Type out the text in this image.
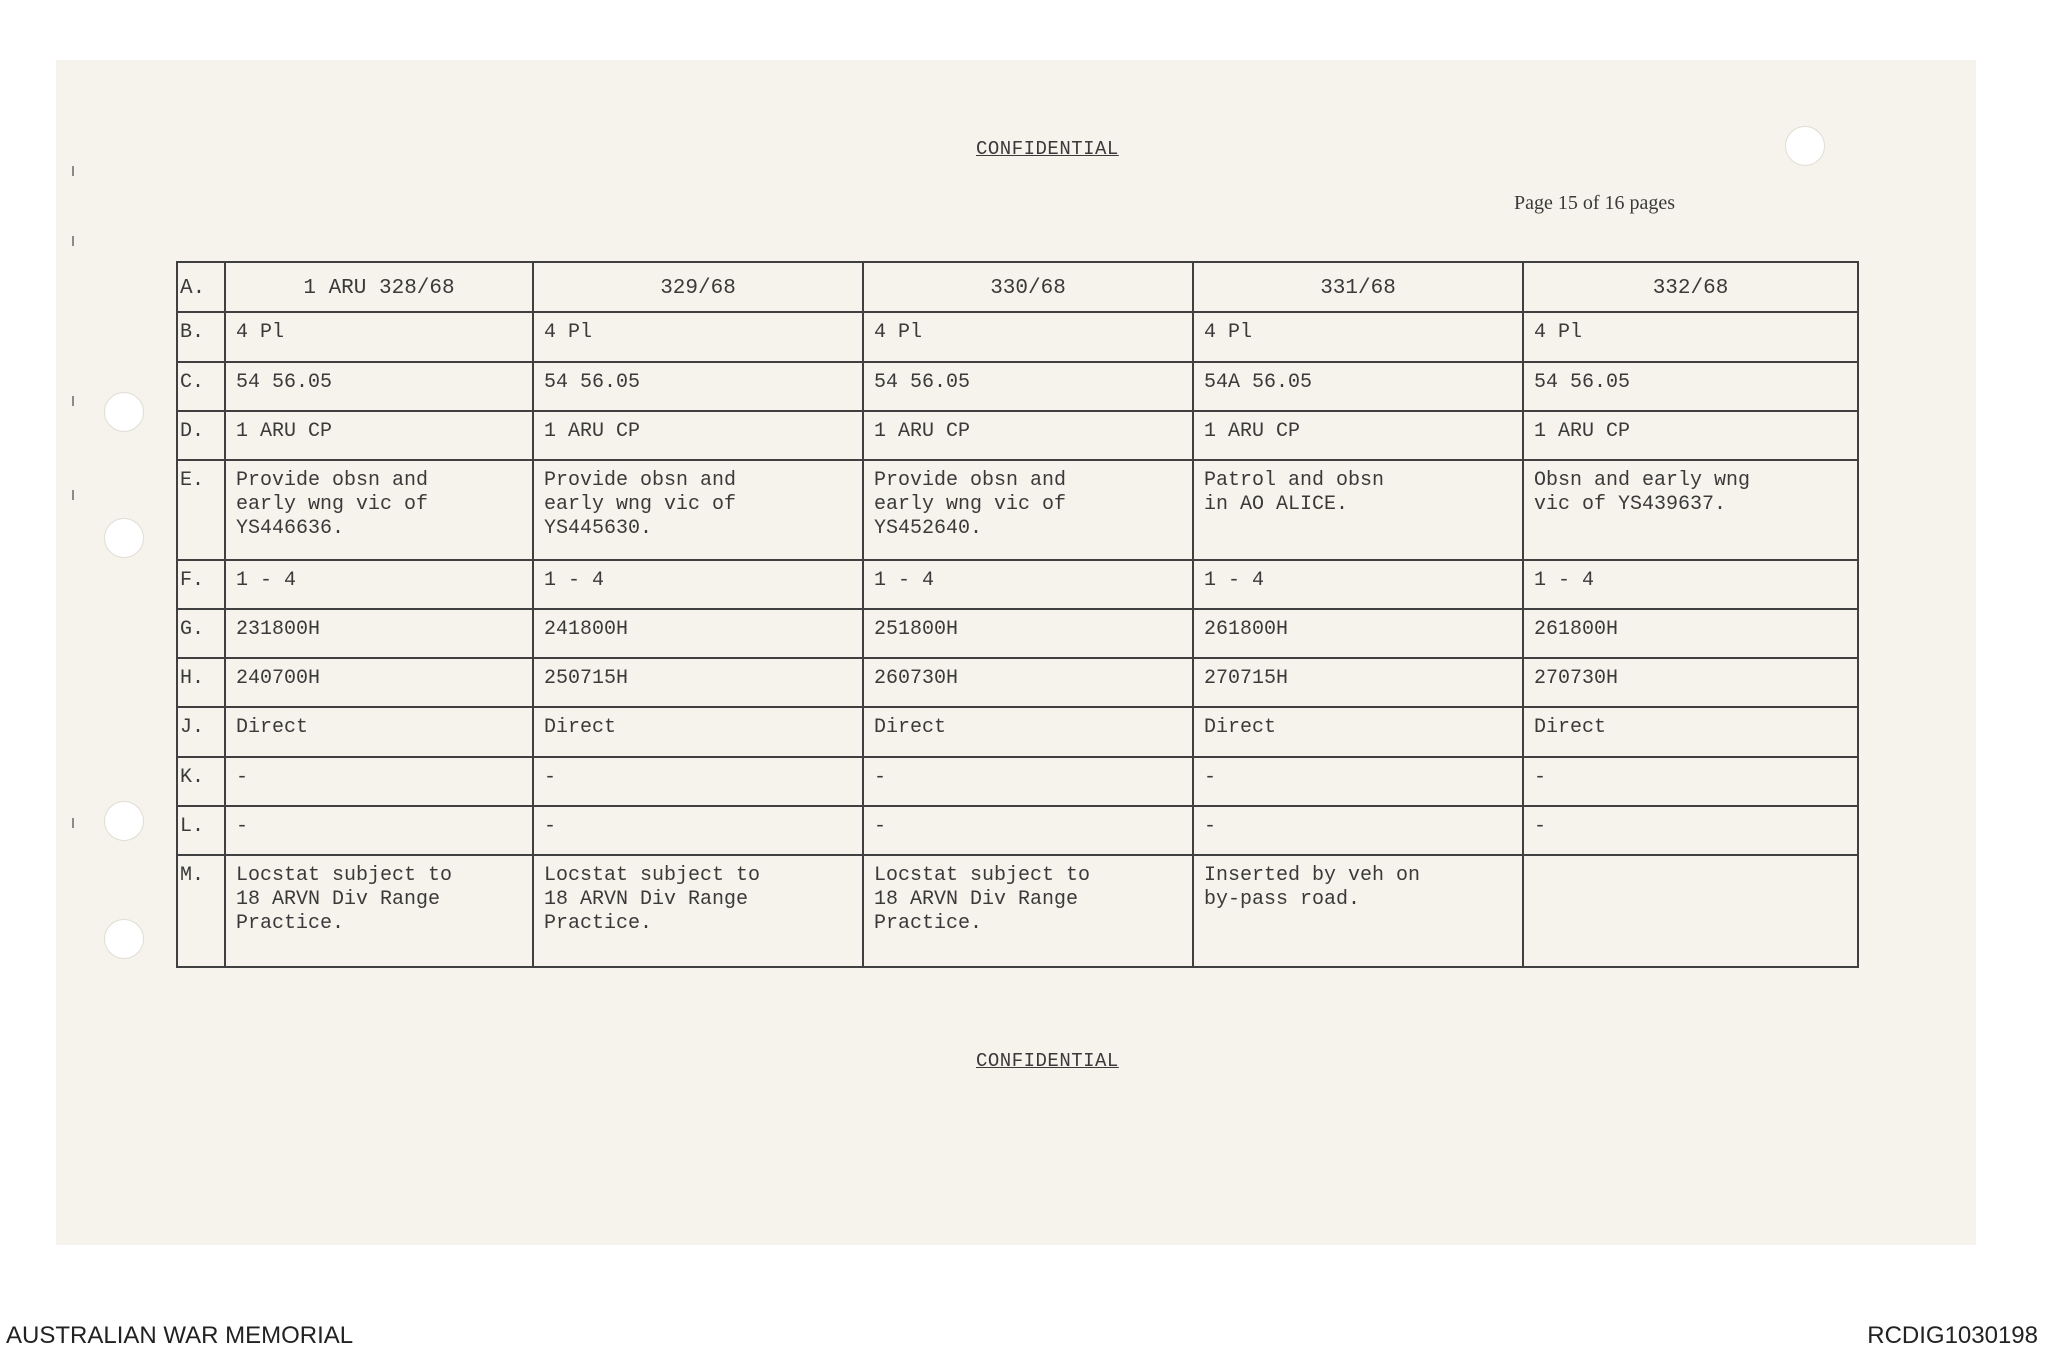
CONFIDENTIAL
Page 15 of 16 pages
A.	1 ARU 328/68	329/68	330/68	331/68	332/68
B.	4 Pl	4 Pl	4 Pl	4 Pl	4 Pl
C.	54 56.05	54 56.05	54 56.05	54A 56.05	54 56.05
D.	1 ARU CP	1 ARU CP	1 ARU CP	1 ARU CP	1 ARU CP
E.	Provide obsn and
early wng vic of
YS446636.	Provide obsn and
early wng vic of
YS445630.	Provide obsn and
early wng vic of
YS452640.	Patrol and obsn
in AO ALICE.	Obsn and early wng
vic of YS439637.
F.	1 - 4	1 - 4	1 - 4	1 - 4	1 - 4
G.	231800H	241800H	251800H	261800H	261800H
H.	240700H	250715H	260730H	270715H	270730H
J.	Direct	Direct	Direct	Direct	Direct
K.	-	-	-	-	-
L.	-	-	-	-	-
M.	Locstat subject to
18 ARVN Div Range
Practice.	Locstat subject to
18 ARVN Div Range
Practice.	Locstat subject to
18 ARVN Div Range
Practice.	Inserted by veh on
by-pass road.	
CONFIDENTIAL
AUSTRALIAN WAR MEMORIAL	RCDIG1030198
